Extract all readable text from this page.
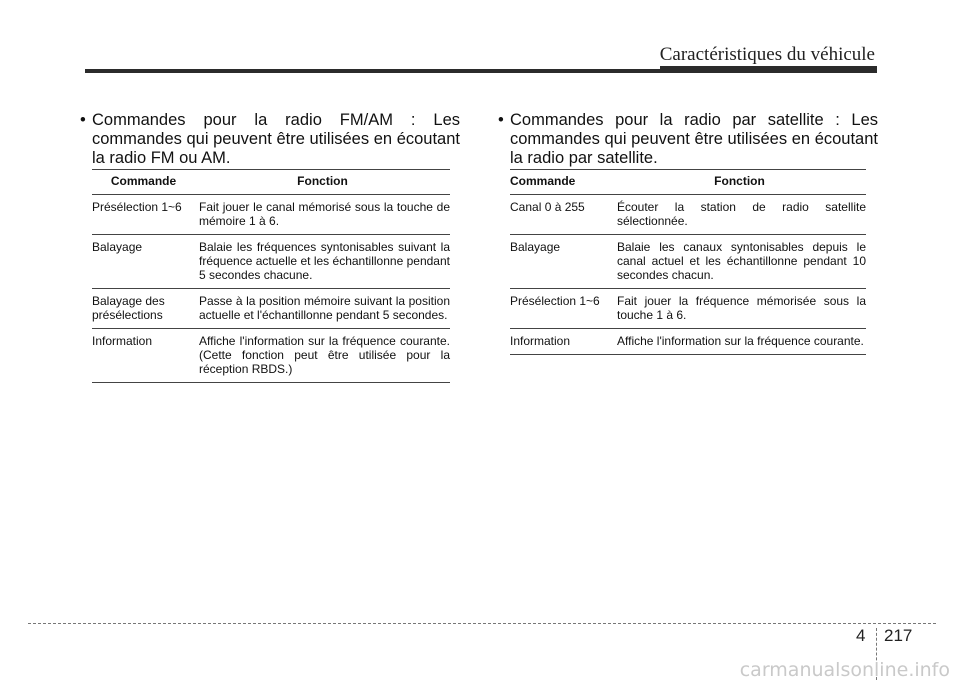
Caractéristiques du véhicule
• Commandes pour la radio FM/AM : Les commandes qui peuvent être utilisées en écoutant la radio FM ou AM.
Commande	Fonction
Présélection 1~6	Fait jouer le canal mémorisé sous la touche de mémoire 1 à 6.
Balayage	Balaie les fréquences syntonisables suivant la fréquence actuelle et les échantillonne pendant 5 secondes chacune.
Balayage des présélections	Passe à la position mémoire suivant la position actuelle et l'échantillonne pendant 5 secondes.
Information	Affiche l'information sur la fréquence courante. (Cette fonction peut être utilisée pour la réception RBDS.)
• Commandes pour la radio par satellite : Les commandes qui peuvent être utilisées en écoutant la radio par satellite.
Commande	Fonction
Canal 0 à 255	Écouter la station de radio satellite sélectionnée.
Balayage	Balaie les canaux syntonisables depuis le canal actuel et les échantillonne pendant 10 secondes chacun.
Présélection 1~6	Fait jouer la fréquence mémorisée sous la touche 1 à 6.
Information	Affiche l'information sur la fréquence courante.
4 217
carmanualsonline.info
